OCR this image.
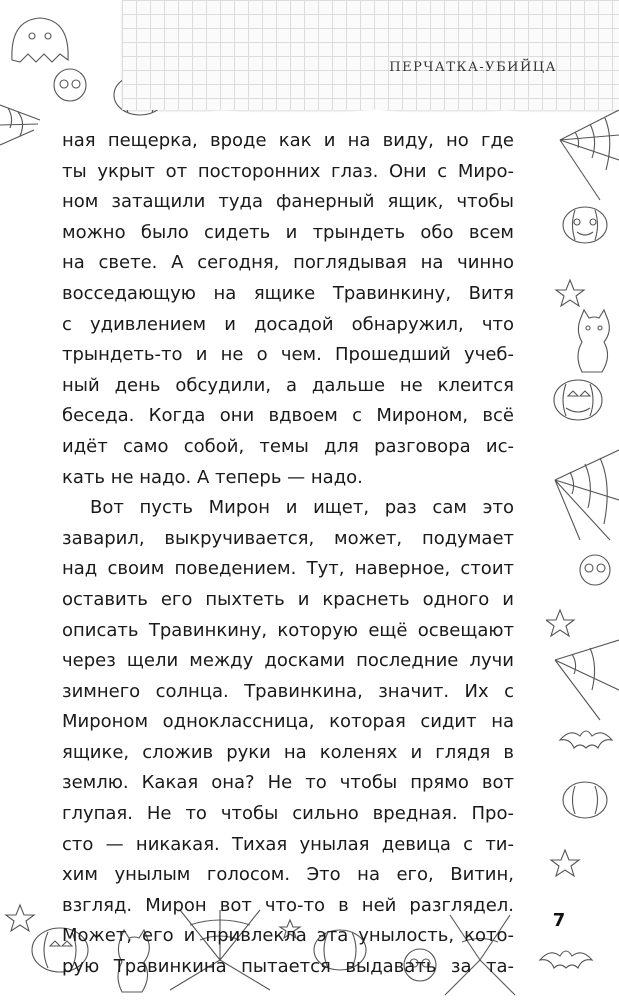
ПЕРЧАТКА-УБИЙЦА
ная пещерка, вроде как и на виду, но где
ты укрыт от посторонних глаз. Они с Миро-
ном затащили туда фанерный ящик, чтобы
можно было сидеть и трындеть обо всем
на свете. А сегодня, поглядывая на чинно
восседающую на ящике Травинкину, Витя
с удивлением и досадой обнаружил, что
трындеть-то и не о чем. Прошедший учеб-
ный день обсудили, а дальше не клеится
беседа. Когда они вдвоем с Мироном, всё
идёт само собой, темы для разговора ис-
кать не надо. А теперь — надо.
Вот пусть Мирон и ищет, раз сам это
заварил, выкручивается, может, подумает
над своим поведением. Тут, наверное, стоит
оставить его пыхтеть и краснеть одного и
описать Травинкину, которую ещё освещают
через щели между досками последние лучи
зимнего солнца. Травинкина, значит. Их с
Мироном одноклассница, которая сидит на
ящике, сложив руки на коленях и глядя в
землю. Какая она? Не то чтобы прямо вот
глупая. Не то чтобы сильно вредная. Про-
сто — никакая. Тихая унылая девица с ти-
хим унылым голосом. Это на его, Витин,
взгляд. Мирон вот что-то в ней разглядел.
Может, его и привлекла эта унылость, кото-
рую Травинкина пытается выдавать за та-
7
